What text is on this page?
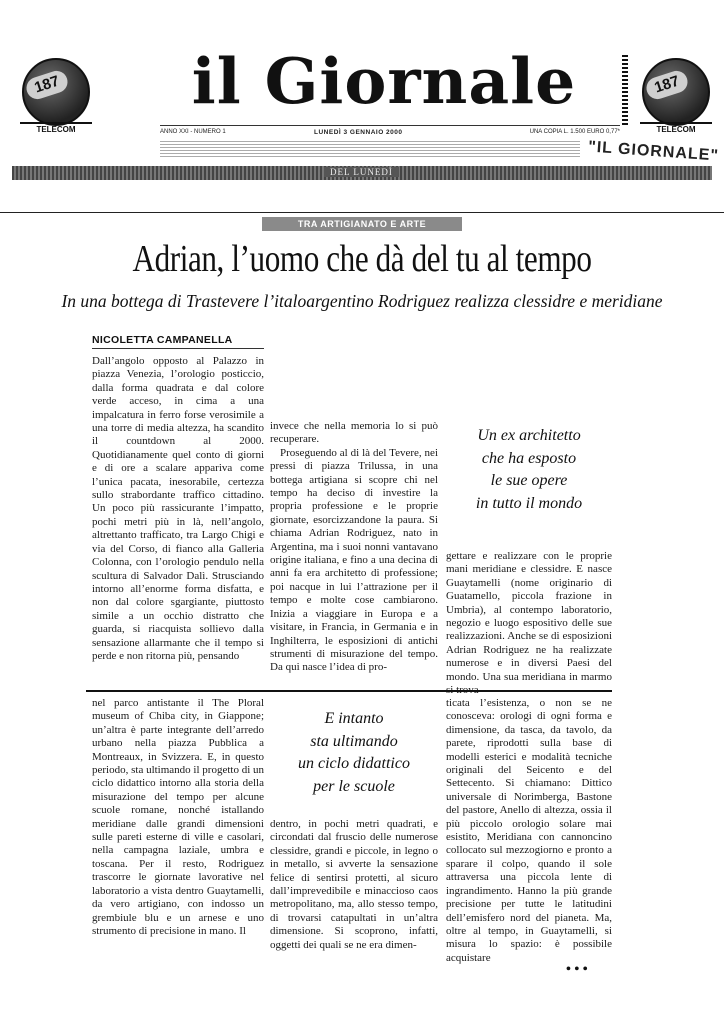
187
TELECOM
il Giornale	187
TELECOM
ANNO XXI - NUMERO 1	LUNEDÌ 3 GENNAIO 2000	UNA COPIA L. 1.500 EURO 0,77*
"IL GIORNALE"
DEL LUNEDÌ
TRA ARTIGIANATO E ARTE
Adrian, l’uomo che dà del tu al tempo
In una bottega di Trastevere l’italoargentino Rodriguez realizza clessidre e meridiane
NICOLETTA CAMPANELLA

Dall’angolo opposto al Palazzo in piazza Venezia, l’orologio posticcio, dalla forma quadrata e dal colore verde acceso, in cima a una impalcatura in ferro forse verosimile a una torre di media altezza, ha scandito il countdown al 2000. Quotidianamente quel conto di giorni e di ore a scalare appariva come l’unica pacata, inesorabile, certezza sullo strabordante traffico cittadino. Un poco più rassicurante l’impatto, pochi metri più in là, nell’angolo, altrettanto trafficato, tra Largo Chigi e via del Corso, di fianco alla Galleria Colonna, con l’orologio pendulo nella scultura di Salvador Dalì. Strusciando intorno all’enorme forma disfatta, e non dal colore sgargiante, piuttosto simile a un occhio distratto che guarda, si riacquista sollievo dalla sensazione allarmante che il tempo si perde e non ritorna più, pensando

invece che nella memoria lo si può recuperare.

Proseguendo al di là del Tevere, nei pressi di piazza Trilussa, in una bottega artigiana si scopre chi nel tempo ha deciso di investire la propria professione e le proprie giornate, esorcizzandone la paura. Si chiama Adrian Rodriguez, nato in Argentina, ma i suoi nonni vantavano origine italiana, e fino a una decina di anni fa era architetto di professione; poi nacque in lui l’attrazione per il tempo e molte cose cambiarono. Inizia a viaggiare in Europa e a visitare, in Francia, in Germania e in Inghilterra, le esposizioni di antichi strumenti di misurazione del tempo. Da qui nasce l’idea di pro-

Un ex architetto
che ha esposto
le sue opere
in tutto il mondo

gettare e realizzare con le proprie mani meridiane e clessidre. E nasce Guaytamelli (nome originario di Guatamello, piccola frazione in Umbria), al contempo laboratorio, negozio e luogo espositivo delle sue realizzazioni. Anche se di esposizioni Adrian Rodriguez ne ha realizzate numerose e in diversi Paesi del mondo. Una sua meridiana in marmo

nel parco antistante il The Ploral museum of Chiba city, in Giappone; un’altra è parte integrante dell’arredo urbano nella piazza Pubblica a Montreaux, in Svizzera. E, in questo periodo, sta ultimando il progetto di un ciclo didattico intorno alla storia della misurazione del tempo per alcune scuole romane, nonché istallando meridiane dalle grandi dimensioni sulle pareti esterne di ville e casolari, nella campagna laziale, umbra e toscana. Per il resto, Rodriguez trascorre le giornate lavorative nel laboratorio a vista dentro Guaytamelli, da vero artigiano, con indosso un grembiule blu e un arnese e uno strumento di precisione in mano. Il

E intanto
sta ultimando
un ciclo didattico
per le scuole

dentro, in pochi metri quadrati, e circondati dal fruscio delle numerose clessidre, grandi e piccole, in legno o in metallo, si avverte la sensazione felice di sentirsi protetti, al sicuro dall’imprevedibile e minaccioso caos metropolitano, ma, allo stesso tempo, di trovarsi catapultati in un’altra dimensione. Si scoprono, infatti, oggetti dei quali se ne era dimen-

ticata l’esistenza, o non se ne conosceva: orologi di ogni forma e dimensione, da tasca, da tavolo, da parete, riprodotti sulla base di modelli esterici e modalità tecniche originali del Seicento e del Settecento. Si chiamano: Dittico universale di Norimberga, Bastone del pastore, Anello di altezza, ossia il più piccolo orologio solare mai esistito, Meridiana con cannoncino collocato sul mezzogiorno e pronto a sparare il colpo, quando il sole attraversa una piccola lente di ingrandimento. Hanno la più grande precisione per tutte le latitudini dell’emisfero nord del pianeta. Ma, oltre al tempo, in Guaytamelli, si misura lo spazio: è possibile acquistare

• • •
